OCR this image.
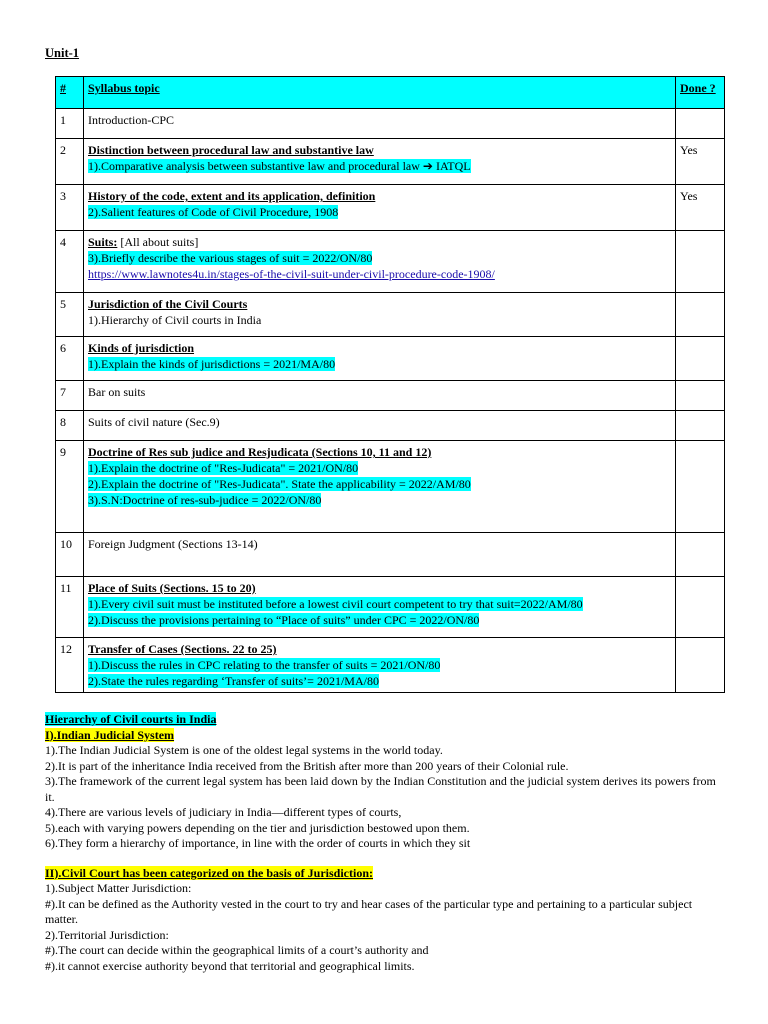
Unit-1
#	Syllabus topic	Done ?
1	Introduction-CPC	

2	Distinction between procedural law and substantive law
1).Comparative analysis between substantive law and procedural law ➔ IATQL	Yes
3	History of the code, extent and its application, definition
2).Salient features of Code of Civil Procedure, 1908	Yes
4	Suits: [All about suits]
3).Briefly describe the various stages of suit = 2022/ON/80
https://www.lawnotes4u.in/stages-of-the-civil-suit-under-civil-procedure-code-1908/	

5	Jurisdiction of the Civil Courts
1).Hierarchy of Civil courts in India	

6	Kinds of jurisdiction
1).Explain the kinds of jurisdictions = 2021/MA/80	

7	Bar on suits	

8	Suits of civil nature (Sec.9)	

9	Doctrine of Res sub judice and Resjudicata (Sections 10, 11 and 12)
1).Explain the doctrine of "Res-Judicata" = 2021/ON/80
2).Explain the doctrine of "Res-Judicata". State the applicability = 2022/AM/80
3).S.N:Doctrine of res-sub-judice = 2022/ON/80	

10	Foreign Judgment (Sections 13-14)	

11	Place of Suits (Sections. 15 to 20)
1).Every civil suit must be instituted before a lowest civil court competent to try that suit=2022/AM/80
2).Discuss the provisions pertaining to “Place of suits” under CPC = 2022/ON/80	

12	Transfer of Cases (Sections. 22 to 25)
1).Discuss the rules in CPC relating to the transfer of suits = 2021/ON/80
2).State the rules regarding ‘Transfer of suits’= 2021/MA/80	

Hierarchy of Civil courts in India

I).Indian Judicial System

1).The Indian Judicial System is one of the oldest legal systems in the world today.

2).It is part of the inheritance India received from the British after more than 200 years of their Colonial rule.

3).The framework of the current legal system has been laid down by the Indian Constitution and the judicial system derives its powers from it.

4).There are various levels of judiciary in India—different types of courts,

5).each with varying powers depending on the tier and jurisdiction bestowed upon them.

6).They form a hierarchy of importance, in line with the order of courts in which they sit

II).Civil Court has been categorized on the basis of Jurisdiction:

1).Subject Matter Jurisdiction:

#).It can be defined as the Authority vested in the court to try and hear cases of the particular type and pertaining to a particular subject matter.

2).Territorial Jurisdiction:

#).The court can decide within the geographical limits of a court’s authority and

#).it cannot exercise authority beyond that territorial and geographical limits.
